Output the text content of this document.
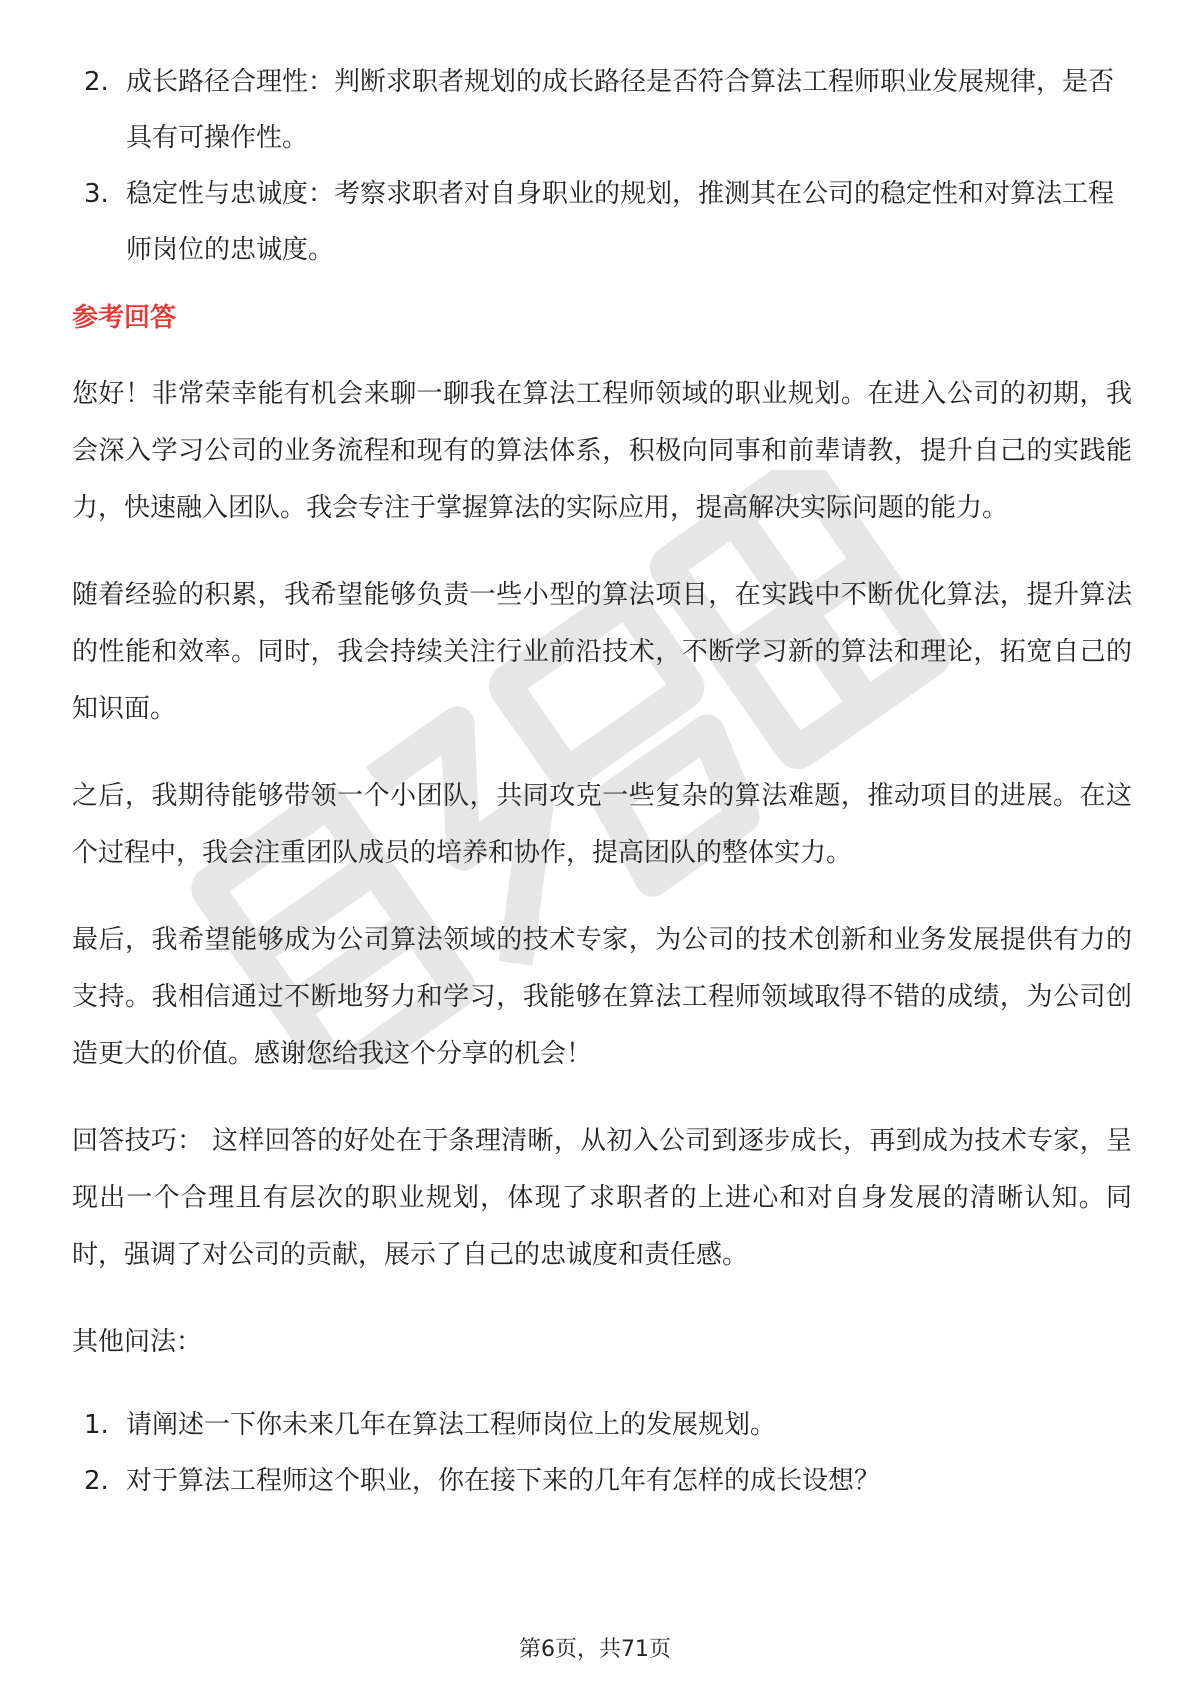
2. 成长路径合理性：判断求职者规划的成长路径是否符合算法工程师职业发展规律，是否具有可操作性。
3. 稳定性与忠诚度：考察求职者对自身职业的规划，推测其在公司的稳定性和对算法工程师岗位的忠诚度。
参考回答

您好！非常荣幸能有机会来聊一聊我在算法工程师领域的职业规划。在进入公司的初期，我会深入学习公司的业务流程和现有的算法体系，积极向同事和前辈请教，提升自己的实践能力，快速融入团队。我会专注于掌握算法的实际应用，提高解决实际问题的能力。

随着经验的积累，我希望能够负责一些小型的算法项目，在实践中不断优化算法，提升算法的性能和效率。同时，我会持续关注行业前沿技术，不断学习新的算法和理论，拓宽自己的知识面。

之后，我期待能够带领一个小团队，共同攻克一些复杂的算法难题，推动项目的进展。在这个过程中，我会注重团队成员的培养和协作，提高团队的整体实力。

最后，我希望能够成为公司算法领域的技术专家，为公司的技术创新和业务发展提供有力的支持。我相信通过不断地努力和学习，我能够在算法工程师领域取得不错的成绩，为公司创造更大的价值。感谢您给我这个分享的机会！

回答技巧： 这样回答的好处在于条理清晰，从初入公司到逐步成长，再到成为技术专家，呈现出一个合理且有层次的职业规划，体现了求职者的上进心和对自身发展的清晰认知。同时，强调了对公司的贡献，展示了自己的忠诚度和责任感。

其他问法：

1. 请阐述一下你未来几年在算法工程师岗位上的发展规划。
2. 对于算法工程师这个职业，你在接下来的几年有怎样的成长设想？
第6页，共71页
